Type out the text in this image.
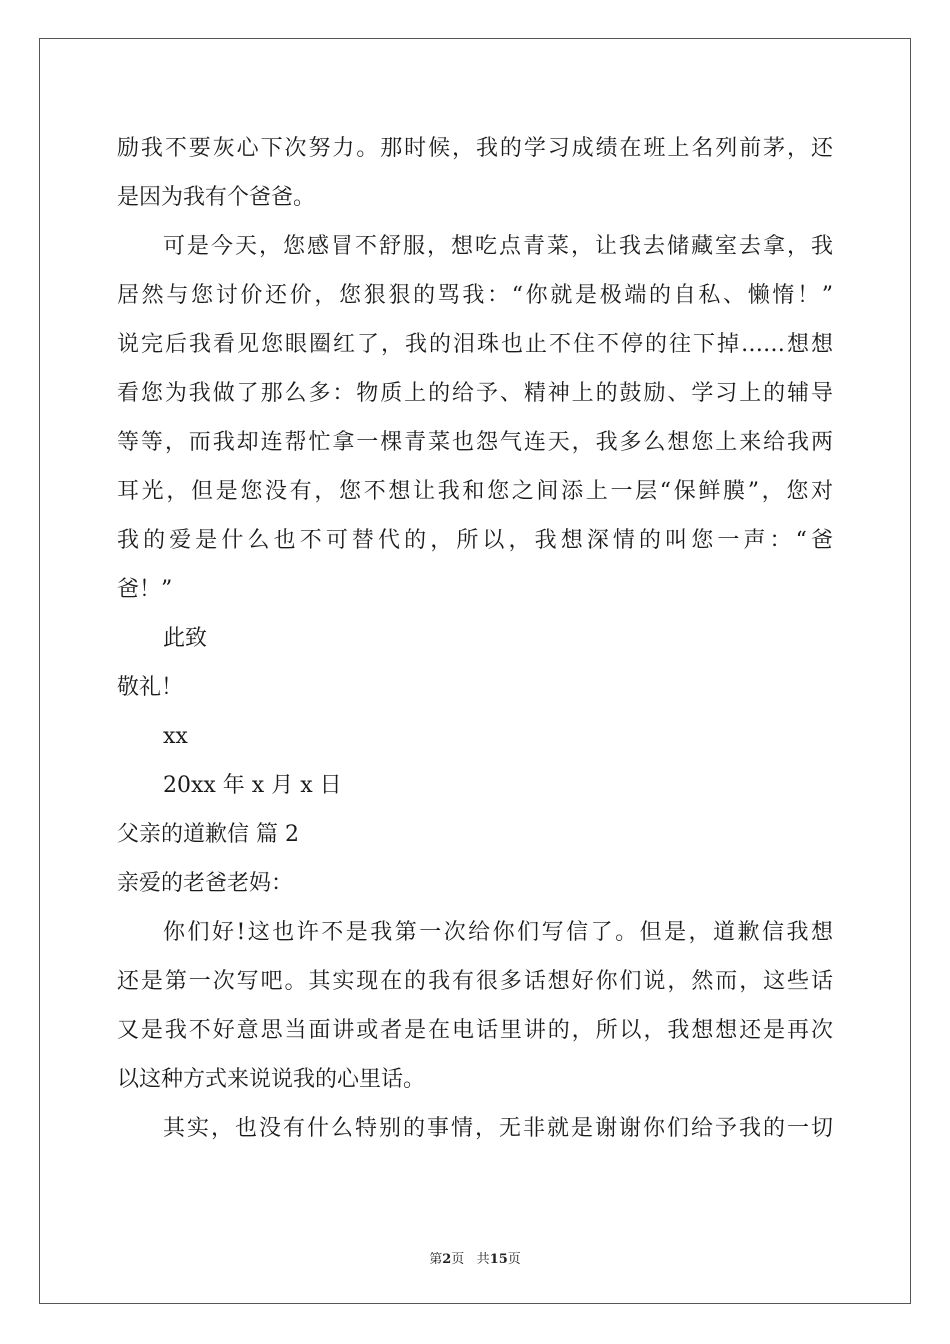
励我不要灰心下次努力。那时候，我的学习成绩在班上名列前茅，还
是因为我有个爸爸。
可是今天，您感冒不舒服，想吃点青菜，让我去储藏室去拿，我
居然与您讨价还价，您狠狠的骂我：“你就是极端的自私、懒惰！”
说完后我看见您眼圈红了，我的泪珠也止不住不停的往下掉……想想
看您为我做了那么多：物质上的给予、精神上的鼓励、学习上的辅导
等等，而我却连帮忙拿一棵青菜也怨气连天，我多么想您上来给我两
耳光，但是您没有，您不想让我和您之间添上一层“保鲜膜”，您对
我的爱是什么也不可替代的，所以，我想深情的叫您一声：“爸
爸！”
此致
敬礼！
xx
20xx 年 x 月 x 日
父亲的道歉信 篇 2
亲爱的老爸老妈：
你们好!这也许不是我第一次给你们写信了。但是，道歉信我想
还是第一次写吧。其实现在的我有很多话想好你们说，然而，这些话
又是我不好意思当面讲或者是在电话里讲的，所以，我想想还是再次
以这种方式来说说我的心里话。
其实，也没有什么特别的事情，无非就是谢谢你们给予我的一切
第2页 共15页
